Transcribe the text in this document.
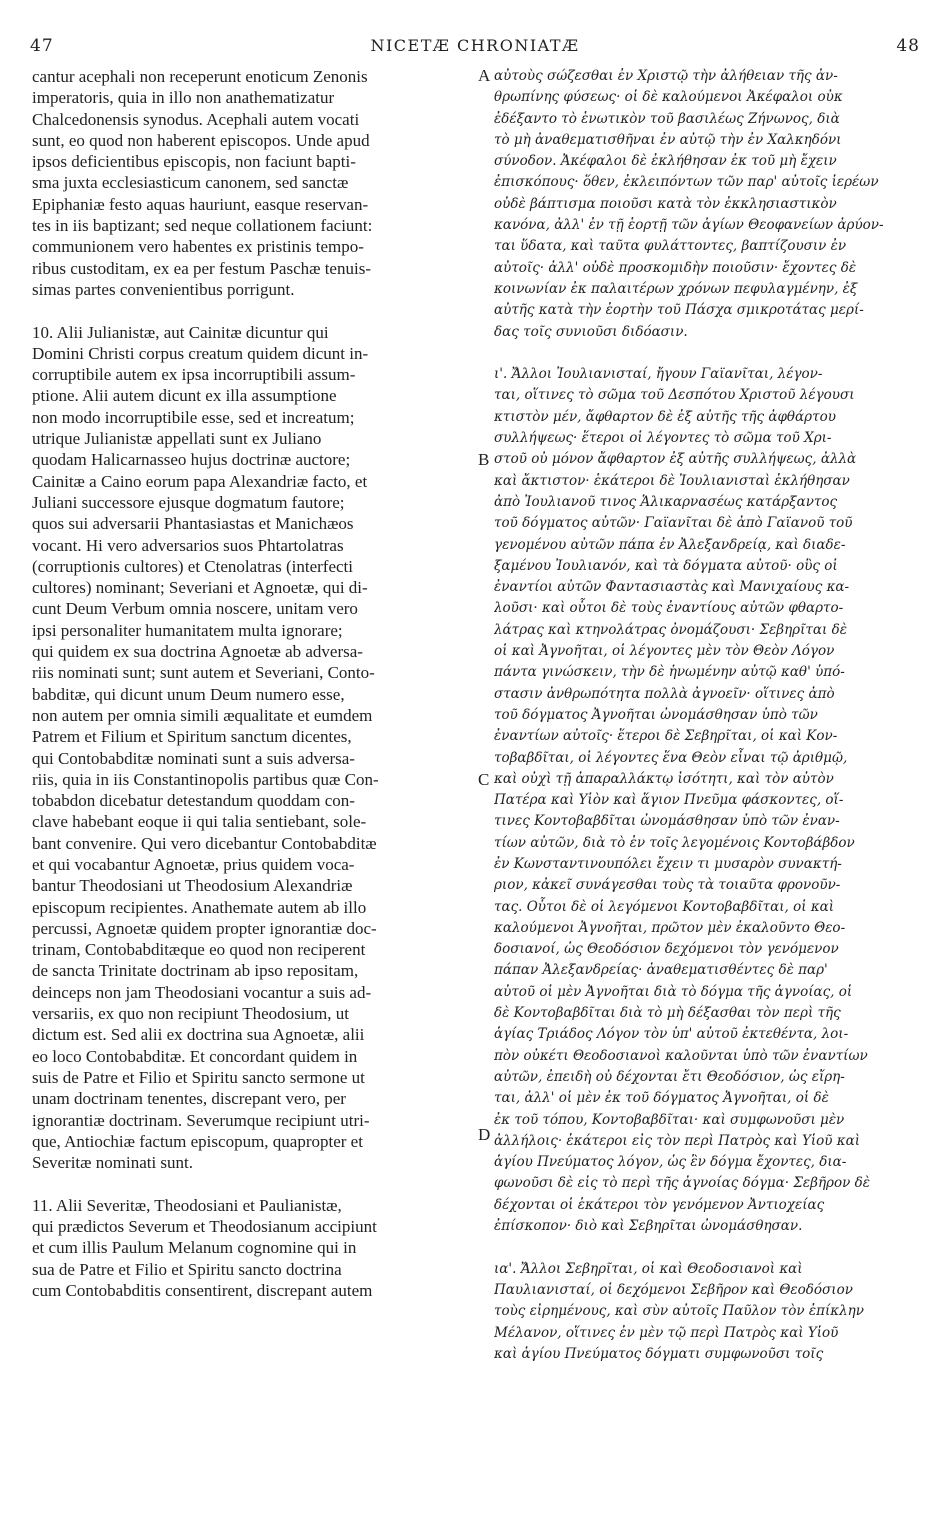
47	NICETÆ CHRONIATÆ	48
cantur acephali non receperunt enoticum Zenonis
imperatoris, quia in illo non anathematizatur
Chalcedonensis synodus. Acephali autem vocati
sunt, eo quod non haberent episcopos. Unde apud
ipsos deficientibus episcopis, non faciunt bapti-
sma juxta ecclesiasticum canonem, sed sanctæ
Epiphaniæ festo aquas hauriunt, easque reservan-
tes in iis baptizant; sed neque collationem faciunt:
communionem vero habentes ex pristinis tempo-
ribus custoditam, ex ea per festum Paschæ tenuis-
simas partes convenientibus porrigunt.
10. Alii Julianistæ, aut Cainitæ dicuntur qui
Domini Christi corpus creatum quidem dicunt in-
corruptibile autem ex ipsa incorruptibili assum-
ptione. Alii autem dicunt ex illa assumptione
non modo incorruptibile esse, sed et increatum;
utrique Julianistæ appellati sunt ex Juliano
quodam Halicarnasseo hujus doctrinæ auctore;
Cainitæ a Caino eorum papa Alexandriæ facto, et
Juliani successore ejusque dogmatum fautore;
quos sui adversarii Phantasiastas et Manichæos
vocant. Hi vero adversarios suos Phtartolatras
(corruptionis cultores) et Ctenolatras (interfecti
cultores) nominant; Severiani et Agnoetæ, qui di-
cunt Deum Verbum omnia noscere, unitam vero
ipsi personaliter humanitatem multa ignorare;
qui quidem ex sua doctrina Agnoetæ ab adversa-
riis nominati sunt; sunt autem et Severiani, Conto-
babditæ, qui dicunt unum Deum numero esse,
non autem per omnia simili æqualitate et eumdem
Patrem et Filium et Spiritum sanctum dicentes,
qui Contobabditæ nominati sunt a suis adversa-
riis, quia in iis Constantinopolis partibus quæ Con-
tobabdon dicebatur detestandum quoddam con-
clave habebant eoque ii qui talia sentiebant, sole-
bant convenire. Qui vero dicebantur Contobabditæ
et qui vocabantur Agnoetæ, prius quidem voca-
bantur Theodosiani ut Theodosium Alexandriæ
episcopum recipientes. Anathemate autem ab illo
percussi, Agnoetæ quidem propter ignorantiæ doc-
trinam, Contobabditæque eo quod non reciperent
de sancta Trinitate doctrinam ab ipso repositam,
deinceps non jam Theodosiani vocantur a suis ad-
versariis, ex quo non recipiunt Theodosium, ut
dictum est. Sed alii ex doctrina sua Agnoetæ, alii
eo loco Contobabditæ. Et concordant quidem in
suis de Patre et Filio et Spiritu sancto sermone ut
unam doctrinam tenentes, discrepant vero, per
ignorantiæ doctrinam. Severumque recipiunt utri-
que, Antiochiæ factum episcopum, quapropter et
Severitæ nominati sunt.
11. Alii Severitæ, Theodosiani et Paulianistæ,
qui prædictos Severum et Theodosianum accipiunt
et cum illis Paulum Melanum cognomine qui in
sua de Patre et Filio et Spiritu sancto doctrina
cum Contobabditis consentirent, discrepant autem
αὐτοὺς σώζεσθαι ἐν Χριστῷ τὴν ἀλήθειαν τῆς ἀν-
θρωπίνης φύσεως· οἱ δὲ καλούμενοι Ἀκέφαλοι οὐκ
ἐδέξαντο τὸ ἑνωτικὸν τοῦ βασιλέως Ζήνωνος, διὰ
τὸ μὴ ἀναθεματισθῆναι ἐν αὐτῷ τὴν ἐν Χαλκηδόνι
σύνοδον. Ἀκέφαλοι δὲ ἐκλήθησαν ἐκ τοῦ μὴ ἔχειν
ἐπισκόπους· ὅθεν, ἐκλειπόντων τῶν παρ' αὐτοῖς ἱερέων
οὐδὲ βάπτισμα ποιοῦσι κατὰ τὸν ἐκκλησιαστικὸν
κανόνα, ἀλλ' ἐν τῇ ἑορτῇ τῶν ἁγίων Θεοφανείων ἀρύον-
ται ὕδατα, καὶ ταῦτα φυλάττοντες, βαπτίζουσιν ἐν
αὐτοῖς· ἀλλ' οὐδὲ προσκομιδὴν ποιοῦσιν· ἔχοντες δὲ
κοινωνίαν ἐκ παλαιτέρων χρόνων πεφυλαγμένην, ἐξ
αὐτῆς κατὰ τὴν ἑορτὴν τοῦ Πάσχα σμικροτάτας μερί-
δας τοῖς συνιοῦσι διδόασιν.
ι'. Ἄλλοι Ἰουλιανισταί, ἤγουν Γαϊανῖται, λέγον-
ται, οἵτινες τὸ σῶμα τοῦ Δεσπότου Χριστοῦ λέγουσι
κτιστὸν μέν, ἄφθαρτον δὲ ἐξ αὐτῆς τῆς ἀφθάρτου
συλλήψεως· ἕτεροι οἱ λέγοντες τὸ σῶμα τοῦ Χρι-
στοῦ οὐ μόνον ἄφθαρτον ἐξ αὐτῆς συλλήψεως, ἀλλὰ
καὶ ἄκτιστον· ἑκάτεροι δὲ Ἰουλιανισταὶ ἐκλήθησαν
ἀπὸ Ἰουλιανοῦ τινος Ἁλικαρνασέως κατάρξαντος
τοῦ δόγματος αὐτῶν· Γαϊανῖται δὲ ἀπὸ Γαϊανοῦ τοῦ
γενομένου αὐτῶν πάπα ἐν Ἀλεξανδρείᾳ, καὶ διαδε-
ξαμένου Ἰουλιανόν, καὶ τὰ δόγματα αὐτοῦ· οὓς οἱ
ἐναντίοι αὐτῶν Φαντασιαστὰς καὶ Μανιχαίους κα-
λοῦσι· καὶ οὗτοι δὲ τοὺς ἐναντίους αὐτῶν φθαρτο-
λάτρας καὶ κτηνολάτρας ὀνομάζουσι· Σεβηρῖται δὲ
οἱ καὶ Ἀγνοῆται, οἱ λέγοντες μὲν τὸν Θεὸν Λόγον
πάντα γινώσκειν, τὴν δὲ ἡνωμένην αὐτῷ καθ' ὑπό-
στασιν ἀνθρωπότητα πολλὰ ἀγνοεῖν· οἵτινες ἀπὸ
τοῦ δόγματος Ἀγνοῆται ὠνομάσθησαν ὑπὸ τῶν
ἐναντίων αὐτοῖς· ἕτεροι δὲ Σεβηρῖται, οἱ καὶ Κον-
τοβαβδῖται, οἱ λέγοντες ἕνα Θεὸν εἶναι τῷ ἀριθμῷ,
καὶ οὐχὶ τῇ ἀπαραλλάκτῳ ἰσότητι, καὶ τὸν αὐτὸν
Πατέρα καὶ Υἱὸν καὶ ἅγιον Πνεῦμα φάσκοντες, οἵ-
τινες Κοντοβαβδῖται ὠνομάσθησαν ὑπὸ τῶν ἐναν-
τίων αὐτῶν, διὰ τὸ ἐν τοῖς λεγομένοις Κοντοβάβδον
ἐν Κωνσταντινουπόλει ἔχειν τι μυσαρὸν συνακτή-
ριον, κἀκεῖ συνάγεσθαι τοὺς τὰ τοιαῦτα φρονοῦν-
τας. Οὗτοι δὲ οἱ λεγόμενοι Κοντοβαβδῖται, οἱ καὶ
καλούμενοι Ἀγνοῆται, πρῶτον μὲν ἐκαλοῦντο Θεο-
δοσιανοί, ὡς Θεοδόσιον δεχόμενοι τὸν γενόμενον
πάπαν Ἀλεξανδρείας· ἀναθεματισθέντες δὲ παρ'
αὐτοῦ οἱ μὲν Ἀγνοῆται διὰ τὸ δόγμα τῆς ἀγνοίας, οἱ
δὲ Κοντοβαβδῖται διὰ τὸ μὴ δέξασθαι τὸν περὶ τῆς
ἁγίας Τριάδος Λόγον τὸν ὑπ' αὐτοῦ ἐκτεθέντα, λοι-
πὸν οὐκέτι Θεοδοσιανοὶ καλοῦνται ὑπὸ τῶν ἐναντίων
αὐτῶν, ἐπειδὴ οὐ δέχονται ἔτι Θεοδόσιον, ὡς εἴρη-
ται, ἀλλ' οἱ μὲν ἐκ τοῦ δόγματος Ἀγνοῆται, οἱ δὲ
ἐκ τοῦ τόπου, Κοντοβαβδῖται· καὶ συμφωνοῦσι μὲν
ἀλλήλοις· ἑκάτεροι εἰς τὸν περὶ Πατρὸς καὶ Υἱοῦ καὶ
ἁγίου Πνεύματος λόγον, ὡς ἓν δόγμα ἔχοντες, δια-
φωνοῦσι δὲ εἰς τὸ περὶ τῆς ἀγνοίας δόγμα· Σεβῆρον δὲ
δέχονται οἱ ἑκάτεροι τὸν γενόμενον Ἀντιοχείας
ἐπίσκοπον· διὸ καὶ Σεβηρῖται ὠνομάσθησαν.
ια'. Ἄλλοι Σεβηρῖται, οἱ καὶ Θεοδοσιανοὶ καὶ
Παυλιανισταί, οἱ δεχόμενοι Σεβῆρον καὶ Θεοδόσιον
τοὺς εἰρημένους, καὶ σὺν αὐτοῖς Παῦλον τὸν ἐπίκλην
Μέλανον, οἵτινες ἐν μὲν τῷ περὶ Πατρὸς καὶ Υἱοῦ
καὶ ἁγίου Πνεύματος δόγματι συμφωνοῦσι τοῖς
A
B
C
D
